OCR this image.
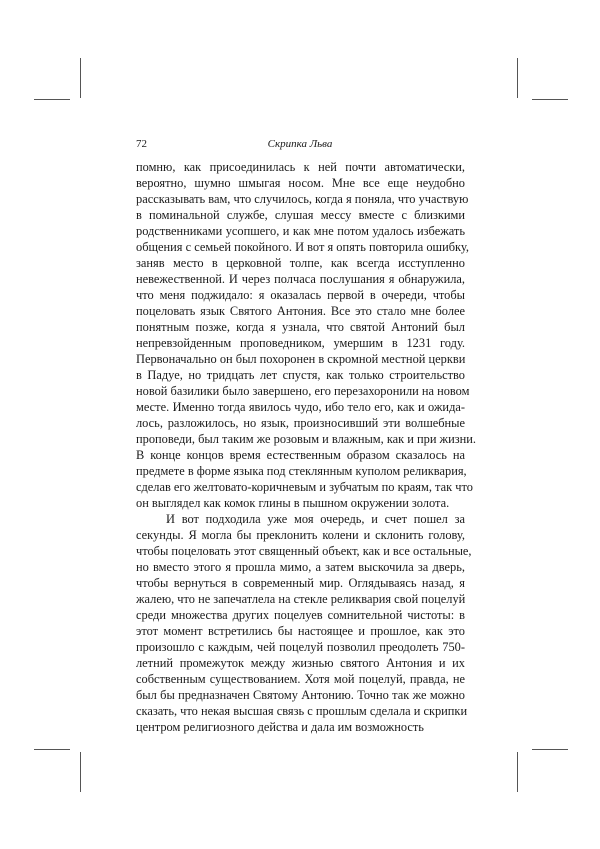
72	Скрипка Льва
помню, как присоединилась к ней почти автоматически,
вероятно, шумно шмыгая носом. Мне все еще неудобно
рассказывать вам, что случилось, когда я поняла, что участвую
в поминальной службе, слушая мессу вместе с близкими
родственниками усопшего, и как мне потом удалось избежать
общения с семьей покойного. И вот я опять повторила ошибку,
заняв место в церковной толпе, как всегда исступленно
невежественной. И через полчаса послушания я обнаружила,
что меня поджидало: я оказалась первой в очереди, чтобы
поцеловать язык Святого Антония. Все это стало мне более
понятным позже, когда я узнала, что святой Антоний был
непревзойденным проповедником, умершим в 1231 году.
Первоначально он был похоронен в скромной местной церкви
в Падуе, но тридцать лет спустя, как только строительство
новой базилики было завершено, его перезахоронили на новом
месте. Именно тогда явилось чудо, ибо тело его, как и ожида-
лось, разложилось, но язык, произносивший эти волшебные
проповеди, был таким же розовым и влажным, как и при жизни.
В конце концов время естественным образом сказалось на
предмете в форме языка под стеклянным куполом реликвария,
сделав его желтовато-коричневым и зубчатым по краям, так что
он выглядел как комок глины в пышном окружении золота.
И вот подходила уже моя очередь, и счет пошел за
секунды. Я могла бы преклонить колени и склонить голову,
чтобы поцеловать этот священный объект, как и все остальные,
но вместо этого я прошла мимо, а затем выскочила за дверь,
чтобы вернуться в современный мир. Оглядываясь назад, я
жалею, что не запечатлела на стекле реликвария свой поцелуй
среди множества других поцелуев сомнительной чистоты: в
этот момент встретились бы настоящее и прошлое, как это
произошло с каждым, чей поцелуй позволил преодолеть 750-
летний промежуток между жизнью святого Антония и их
собственным существованием. Хотя мой поцелуй, правда, не
был бы предназначен Святому Антонию. Точно так же можно
сказать, что некая высшая связь с прошлым сделала и скрипки
центром религиозного действа и дала им возможность
